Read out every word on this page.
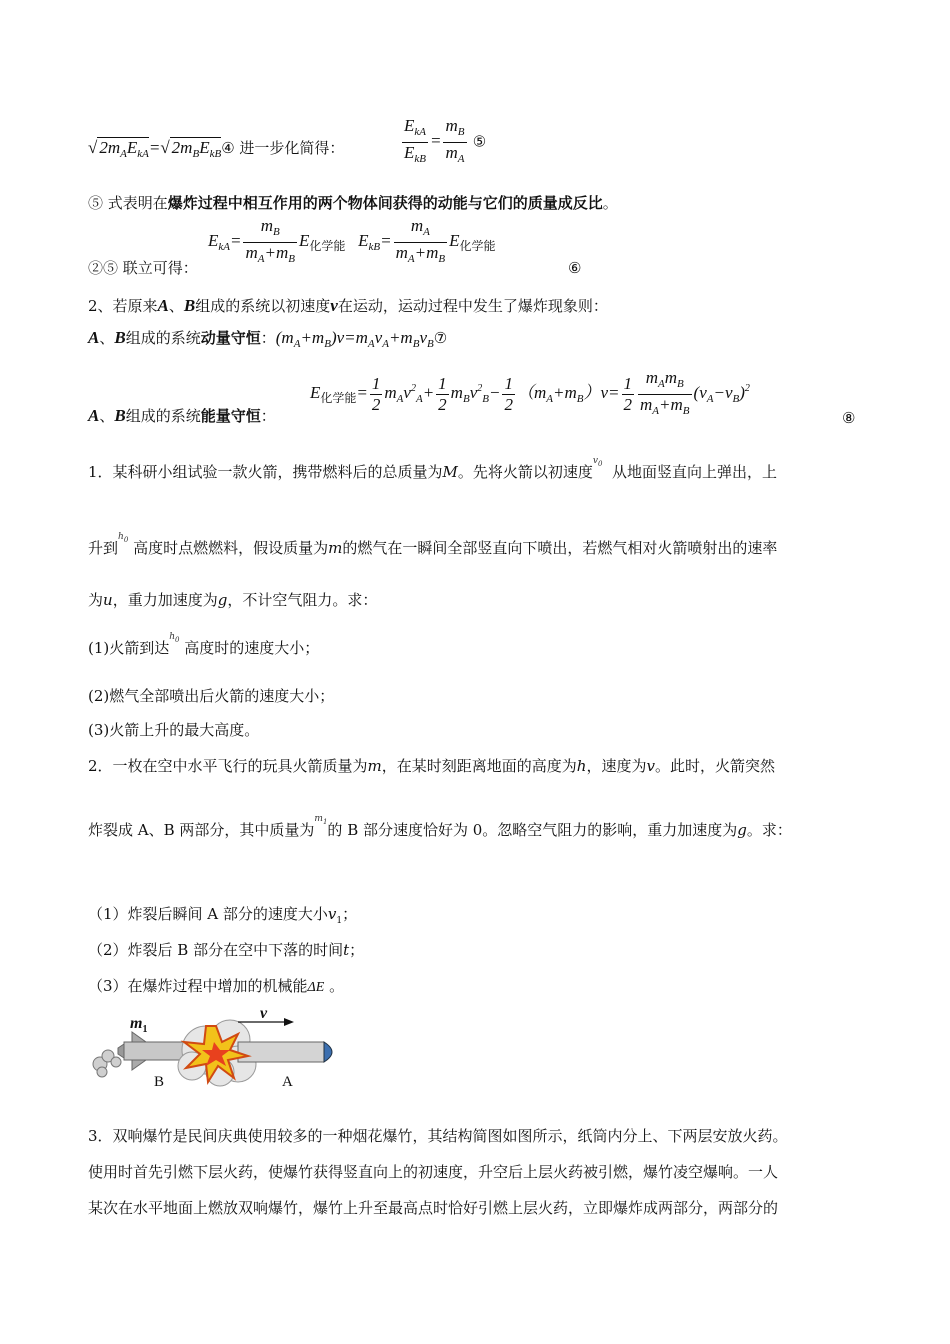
√ $2m_AE_{kA}=√$ $2m_BE_{kB}④$ 进一步化简得：	$\frac{E_{kA}}{E_{kB}} = \frac{m_B}{m_A}$ ⑤
⑤ 式表明在爆炸过程中相互作用的两个物体间获得的动能与它们的质量成反比。
②⑤ 联立可得：
$E_{kA}= \frac{m_B}{m_A+m_B} E_{化学能}$ $E_{kB}= \frac{m_A}{m_A+m_B} E_{化学能}$
⑥
2、若原来A、B组成的系统以初速度v在运动，运动过程中发生了爆炸现象则：
A、B组成的系统动量守恒：$(m_A+m_B)v=m_Av_A+m_Bv_B⑦$
A、B组成的系统能量守恒：
$E_{化学能}= \frac{1}{2} m_Av^2_A+ \frac{1}{2} m_Bv^2_B- \frac{1}{2} (m_A+m_B)v= \frac{1}{2} \frac{m_Am_B}{m_A+m_B} (v_A-v_B)^2$
⑧
1．某科研小组试验一款火箭，携带燃料后的总质量为M。先将火箭以初速度$^{v_0}$ 从地面竖直向上弹出，上
升到$^{h_0}$ 高度时点燃燃料，假设质量为m的燃气在一瞬间全部竖直向下喷出，若燃气相对火箭喷射出的速率
为u，重力加速度为g，不计空气阻力。求：
(1)火箭到达$^{h_0}$ 高度时的速度大小；
(2)燃气全部喷出后火箭的速度大小；
(3)火箭上升的最大高度。
2．一枚在空中水平飞行的玩具火箭质量为m，在某时刻距离地面的高度为h，速度为v。此时，火箭突然
炸裂成 A、B 两部分，其中质量为$^{m_1}$的 B 部分速度恰好为 0。忽略空气阻力的影响，重力加速度为g。求：
（1）炸裂后瞬间 A 部分的速度大小$v_1$；
（2）炸裂后 B 部分在空中下落的时间t；
（3）在爆炸过程中增加的机械能ΔE 。
v
$m_1$
B	A
3．双响爆竹是民间庆典使用较多的一种烟花爆竹，其结构简图如图所示，纸筒内分上、下两层安放火药。
使用时首先引燃下层火药，使爆竹获得竖直向上的初速度，升空后上层火药被引燃，爆竹凌空爆响。一人
某次在水平地面上燃放双响爆竹，爆竹上升至最高点时恰好引燃上层火药，立即爆炸成两部分，两部分的
